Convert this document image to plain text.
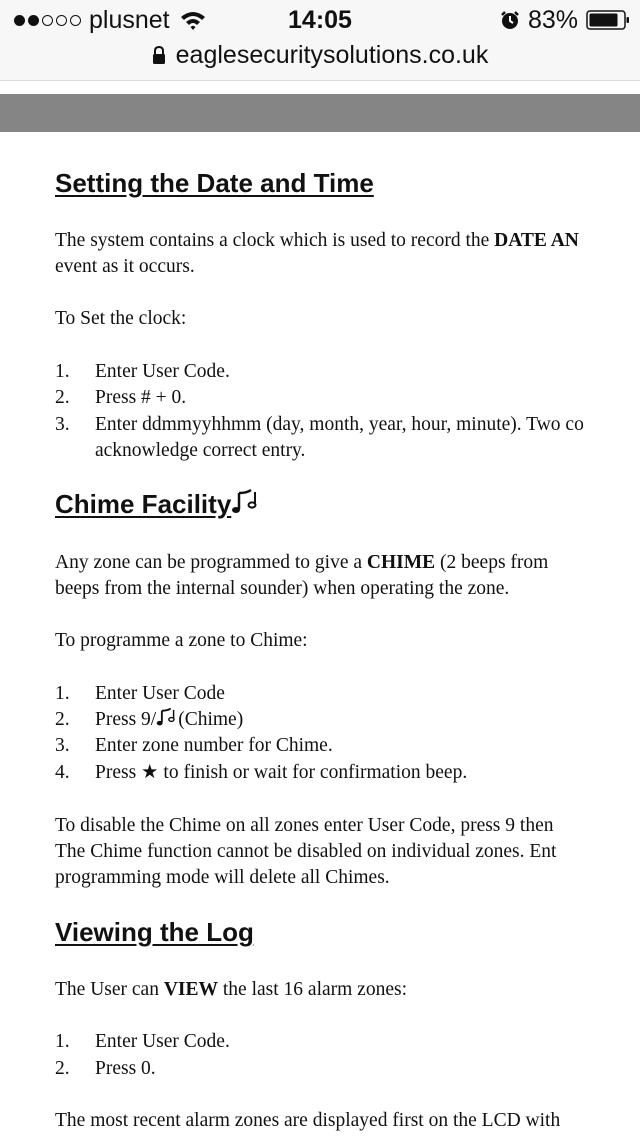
plusnet	14:05	83%
eaglesecuritysolutions.co.uk
Setting the Date and Time
The system contains a clock which is used to record the DATE AN
event as it occurs.
To Set the clock:
1. Enter User Code.
2. Press # + 0.
3. Enter ddmmyyhhmm (day, month, year, hour, minute). Two co
acknowledge correct entry.
Chime Facility
Any zone can be programmed to give a CHIME (2 beeps from
beeps from the internal sounder) when operating the zone.
To programme a zone to Chime:
1. Enter User Code
2. Press 9/ (Chime)
3. Enter zone number for Chime.
4. Press ★ to finish or wait for confirmation beep.
To disable the Chime on all zones enter User Code, press 9 then
The Chime function cannot be disabled on individual zones. Ent
programming mode will delete all Chimes.
Viewing the Log
The User can VIEW the last 16 alarm zones:
1. Enter User Code.
2. Press 0.
The most recent alarm zones are displayed first on the LCD with
